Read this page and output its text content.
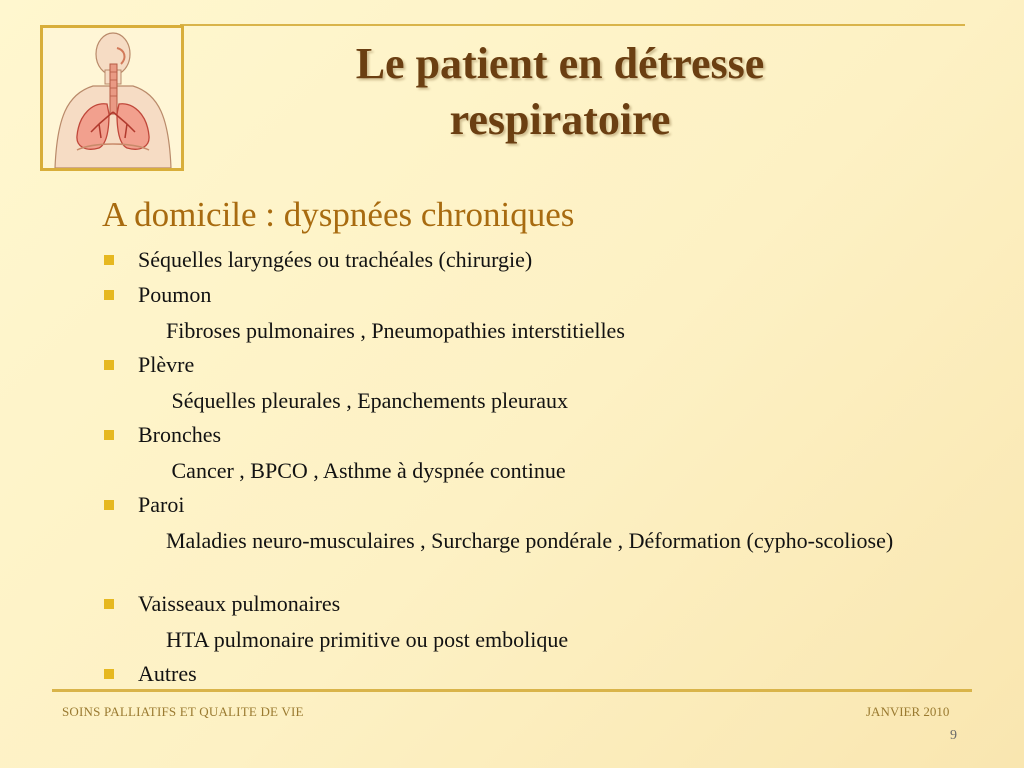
Le patient en détresse
respiratoire
A domicile : dyspnées chroniques
Séquelles laryngées ou trachéales (chirurgie)
Poumon
Fibroses pulmonaires , Pneumopathies interstitielles
Plèvre
Séquelles pleurales , Epanchements pleuraux
Bronches
Cancer , BPCO , Asthme à dyspnée continue
Paroi
Maladies neuro-musculaires , Surcharge pondérale , Déformation (cypho-scoliose)
Vaisseaux pulmonaires
HTA pulmonaire primitive ou post embolique
Autres
SOINS PALLIATIFS ET QUALITE DE VIE	JANVIER 2010
9
